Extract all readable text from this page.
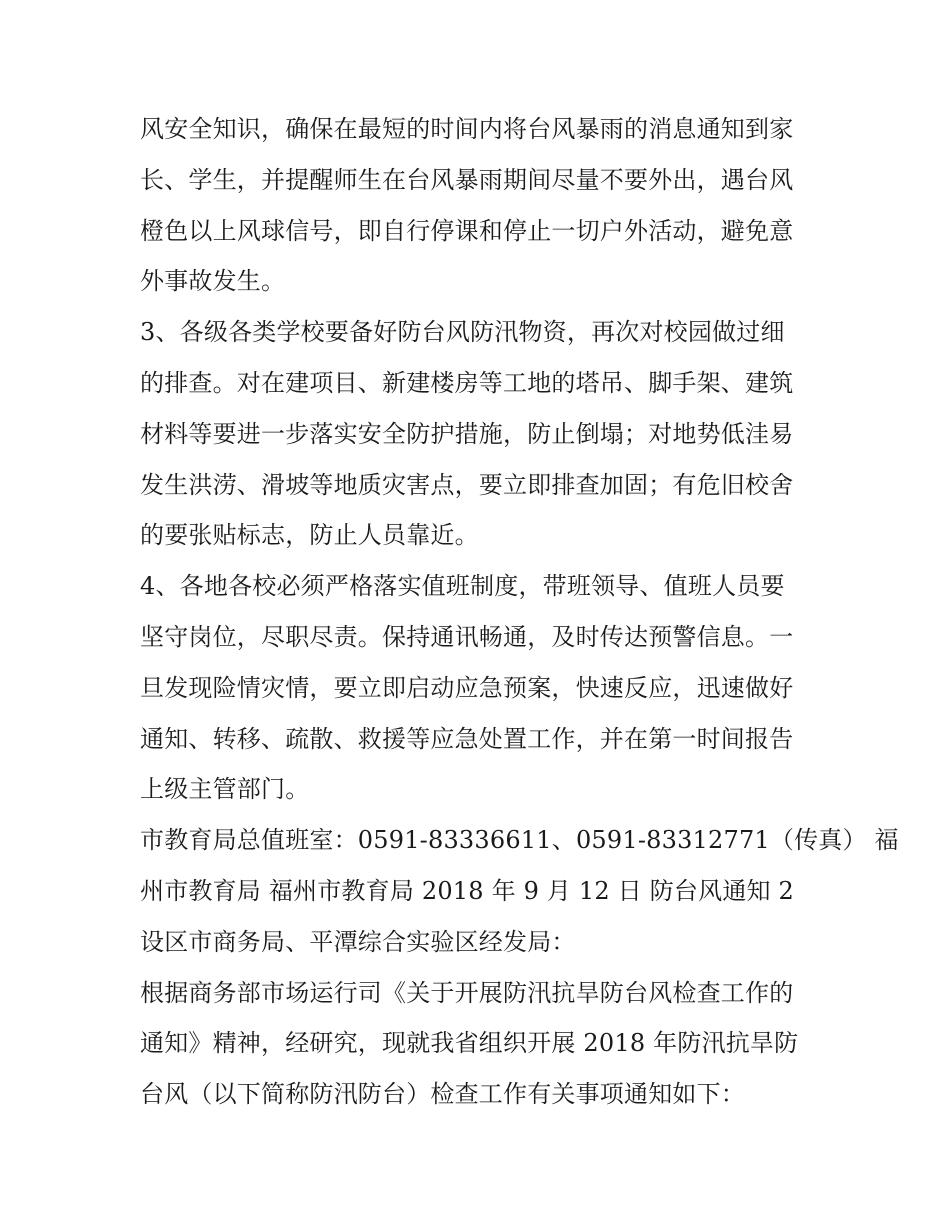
风安全知识，确保在最短的时间内将台风暴雨的消息通知到家
长、学生，并提醒师生在台风暴雨期间尽量不要外出，遇台风
橙色以上风球信号，即自行停课和停止一切户外活动，避免意
外事故发生。
3、各级各类学校要备好防台风防汛物资，再次对校园做过细
的排查。对在建项目、新建楼房等工地的塔吊、脚手架、建筑
材料等要进一步落实安全防护措施，防止倒塌；对地势低洼易
发生洪涝、滑坡等地质灾害点，要立即排查加固；有危旧校舍
的要张贴标志，防止人员靠近。
4、各地各校必须严格落实值班制度，带班领导、值班人员要
坚守岗位，尽职尽责。保持通讯畅通，及时传达预警信息。一
旦发现险情灾情，要立即启动应急预案，快速反应，迅速做好
通知、转移、疏散、救援等应急处置工作，并在第一时间报告
上级主管部门。
市教育局总值班室：0591-83336611、0591-83312771（传真） 福
州市教育局 福州市教育局 2018 年 9 月 12 日 防台风通知 2
设区市商务局、平潭综合实验区经发局：
根据商务部市场运行司《关于开展防汛抗旱防台风检查工作的
通知》精神，经研究，现就我省组织开展 2018 年防汛抗旱防
台风（以下简称防汛防台）检查工作有关事项通知如下：
